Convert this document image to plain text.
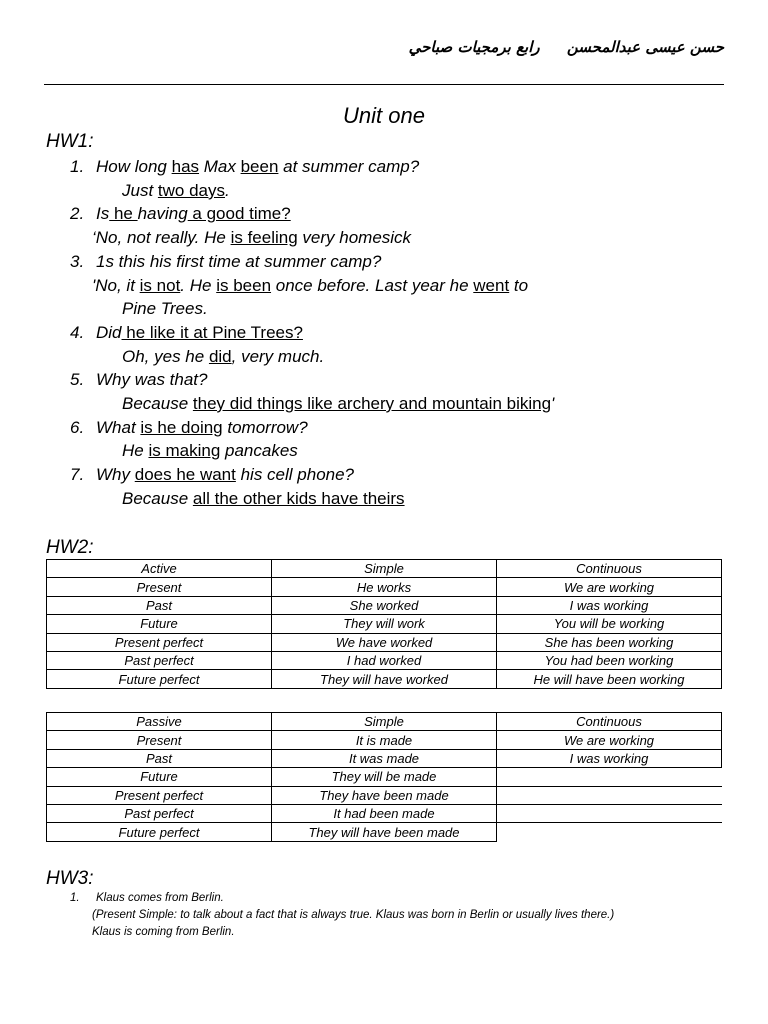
حسن عيسى عبدالمحسن رابع برمجيات صباحي
Unit one
HW1:
1. How long has Max been at summer camp?
Just two days.
2. Is he having a good time?
‘No, not really. He is feeling very homesick
3. 1s this his first time at summer camp?
'No, it is not. He is been once before. Last year he went to
Pine Trees.
4. Did he like it at Pine Trees?
Oh, yes he did, very much.
5. Why was that?
Because they did things like archery and mountain biking'
6. What is he doing tomorrow?
He is making pancakes
7. Why does he want his cell phone?
Because all the other kids have theirs
HW2:
Active	Simple	Continuous
Present	He works	We are working
Past	She worked	I was working
Future	They will work	You will be working
Present perfect	We have worked	She has been working
Past perfect	I had worked	You had been working
Future perfect	They will have worked	He will have been working
Passive	Simple	Continuous
Present	It is made	We are working
Past	It was made	I was working
Future	They will be made	
Present perfect	They have been made	
Past perfect	It had been made	
Future perfect	They will have been made	
HW3:
1. Klaus comes from Berlin.
(Present Simple: to talk about a fact that is always true. Klaus was born in Berlin or usually lives there.)
Klaus is coming from Berlin.
